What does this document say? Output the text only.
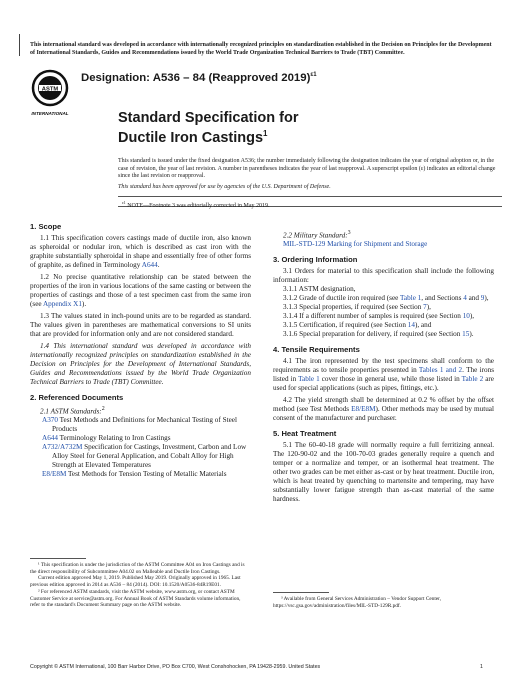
This international standard was developed in accordance with internationally recognized principles on standardization established in the Decision on Principles for the Development of International Standards, Guides and Recommendations issued by the World Trade Organization Technical Barriers to Trade (TBT) Committee.
ASTM
INTERNATIONAL
Designation: A536 – 84 (Reapproved 2019)$^{\varepsilon 1}$
Standard Specification for
Ductile Iron Castings$^1$
This standard is issued under the fixed designation A536; the number immediately following the designation indicates the year of original adoption or, in the case of revision, the year of last revision. A number in parentheses indicates the year of last reapproval. A superscript epsilon (ε) indicates an editorial change since the last revision or reapproval.
This standard has been approved for use by agencies of the U.S. Department of Defense.
$^{\varepsilon 1}$ NOTE—Footnote 3 was editorially corrected in May 2019.
1. Scope

1.1 This specification covers castings made of ductile iron, also known as spheroidal or nodular iron, which is described as cast iron with the graphite substantially spheroidal in shape and essentially free of other forms of graphite, as defined in Terminology A644.

1.2 No precise quantitative relationship can be stated between the properties of the iron in various locations of the same casting or between the properties of castings and those of a test specimen cast from the same iron (see Appendix X1).

1.3 The values stated in inch-pound units are to be regarded as standard. The values given in parentheses are mathematical conversions to SI units that are provided for information only and are not considered standard.

1.4 This international standard was developed in accordance with internationally recognized principles on standardization established in the Decision on Principles for the Development of International Standards, Guides and Recommendations issued by the World Trade Organization Technical Barriers to Trade (TBT) Committee.

2. Referenced Documents

2.1 ASTM Standards:$^2$

A370 Test Methods and Definitions for Mechanical Testing of Steel Products

A644 Terminology Relating to Iron Castings

A732/A732M Specification for Castings, Investment, Carbon and Low Alloy Steel for General Application, and Cobalt Alloy for High Strength at Elevated Temperatures

E8/E8M Test Methods for Tension Testing of Metallic Materials

¹ This specification is under the jurisdiction of the ASTM Committee A04 on Iron Castings and is the direct responsibility of Subcommittee A04.02 on Malleable and Ductile Iron Castings.

Current edition approved May 1, 2019. Published May 2019. Originally approved in 1965. Last previous edition approved in 2014 as A536 – 84 (2014). DOI: 10.1520/A0536-84R19E01.

² For referenced ASTM standards, visit the ASTM website, www.astm.org, or contact ASTM Customer Service at service@astm.org. For Annual Book of ASTM Standards volume information, refer to the standard's Document Summary page on the ASTM website.

2.2 Military Standard:$^3$

MIL-STD-129 Marking for Shipment and Storage

3. Ordering Information

3.1 Orders for material to this specification shall include the following information:

3.1.1 ASTM designation,

3.1.2 Grade of ductile iron required (see Table 1, and Sections 4 and 9),

3.1.3 Special properties, if required (see Section 7),

3.1.4 If a different number of samples is required (see Section 10),

3.1.5 Certification, if required (see Section 14), and

3.1.6 Special preparation for delivery, if required (see Section 15).

4. Tensile Requirements

4.1 The iron represented by the test specimens shall conform to the requirements as to tensile properties presented in Tables 1 and 2. The irons listed in Table 1 cover those in general use, while those listed in Table 2 are used for special applications (such as pipes, fittings, etc.).

4.2 The yield strength shall be determined at 0.2 % offset by the offset method (see Test Methods E8/E8M). Other methods may be used by mutual consent of the manufacturer and purchaser.

5. Heat Treatment

5.1 The 60-40-18 grade will normally require a full ferritizing anneal. The 120-90-02 and the 100-70-03 grades generally require a quench and temper or a normalize and temper, or an isothermal heat treatment. The other two grades can be met either as-cast or by heat treatment. Ductile iron, which is heat treated by quenching to martensite and tempering, may have substantially lower fatigue strength than as-cast material of the same hardness.

³ Available from General Services Administration – Vendor Support Center, https://vsc.gsa.gov/administration/files/MIL-STD-129R.pdf.

Copyright © ASTM International, 100 Barr Harbor Drive, PO Box C700, West Conshohocken, PA 19428-2959. United States	1
